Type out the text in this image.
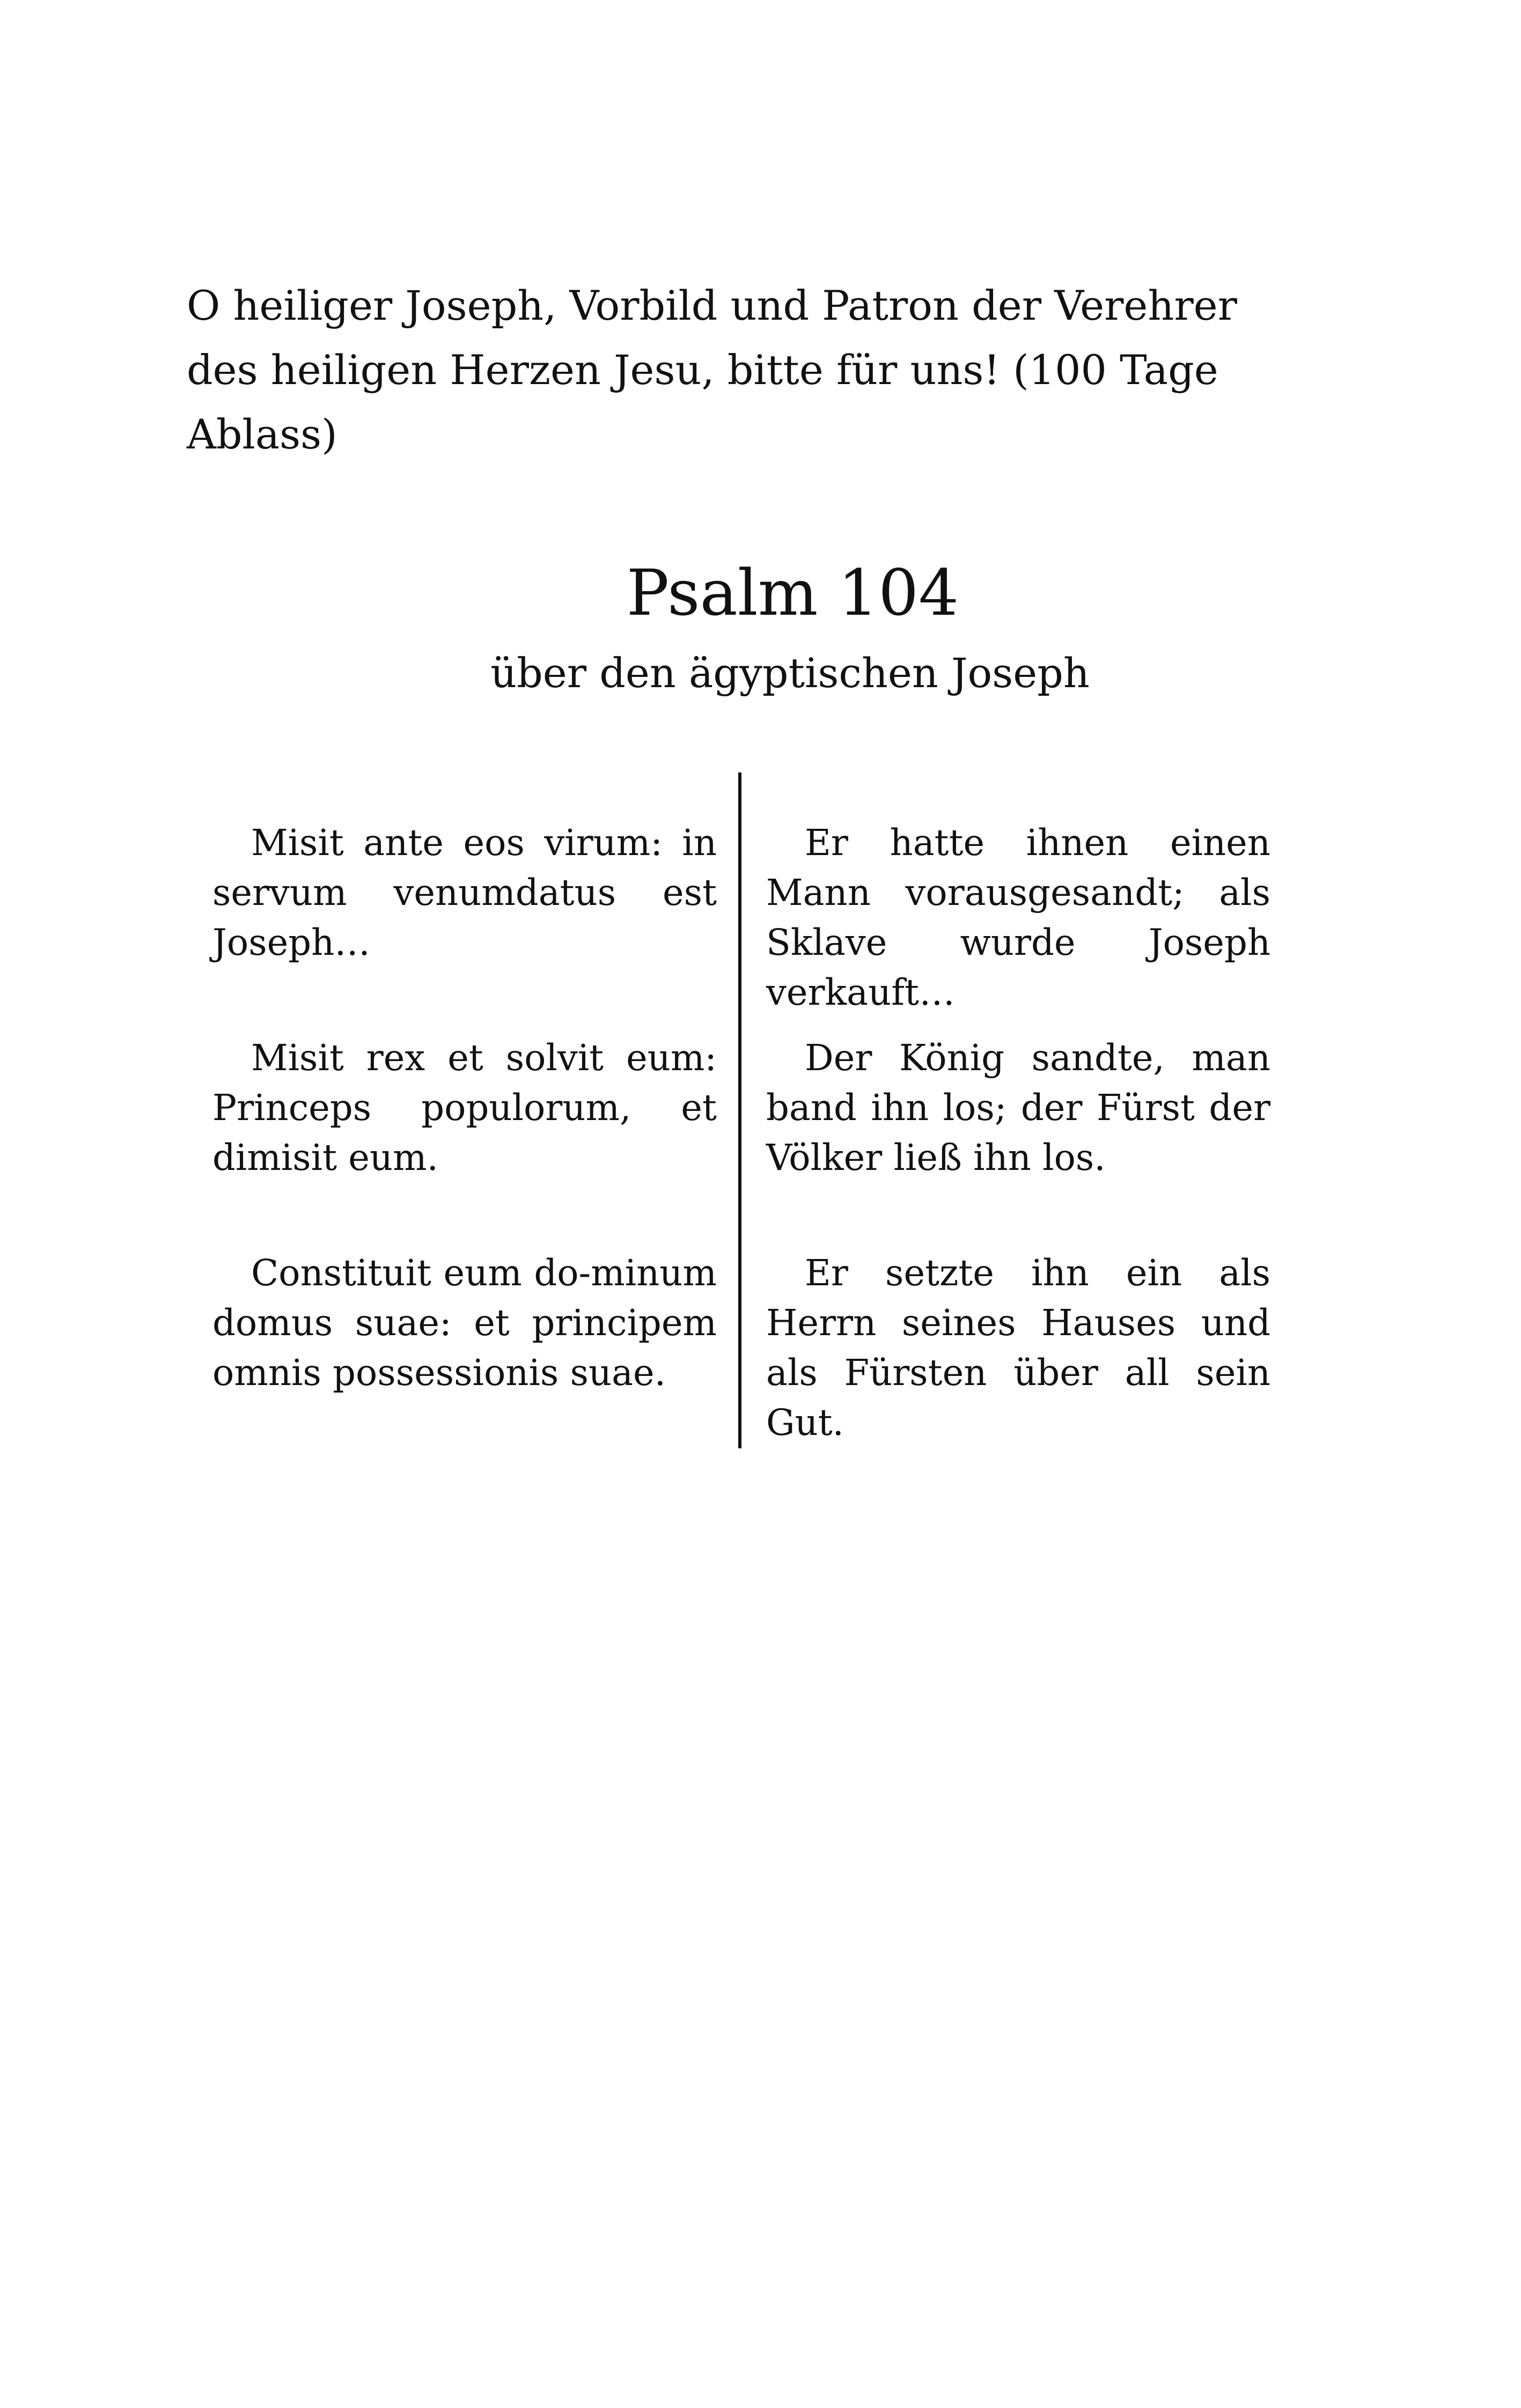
O heiliger Joseph, Vorbild und Patron der Verehrer des heiligen Herzen Jesu, bitte für uns! (100 Tage Ablass)

Psalm 104

über den ägyptischen Joseph

Misit ante eos virum: in servum venumdatus est Joseph…

Misit rex et solvit eum: Princeps populorum, et dimisit eum.

Constituit eum do-minum domus suae: et principem omnis possessionis suae.

Er hatte ihnen einen Mann vorausgesandt; als Sklave wurde Joseph verkauft…

Der König sandte, man band ihn los; der Fürst der Völker ließ ihn los.

Er setzte ihn ein als Herrn seines Hauses und als Fürsten über all sein Gut.
